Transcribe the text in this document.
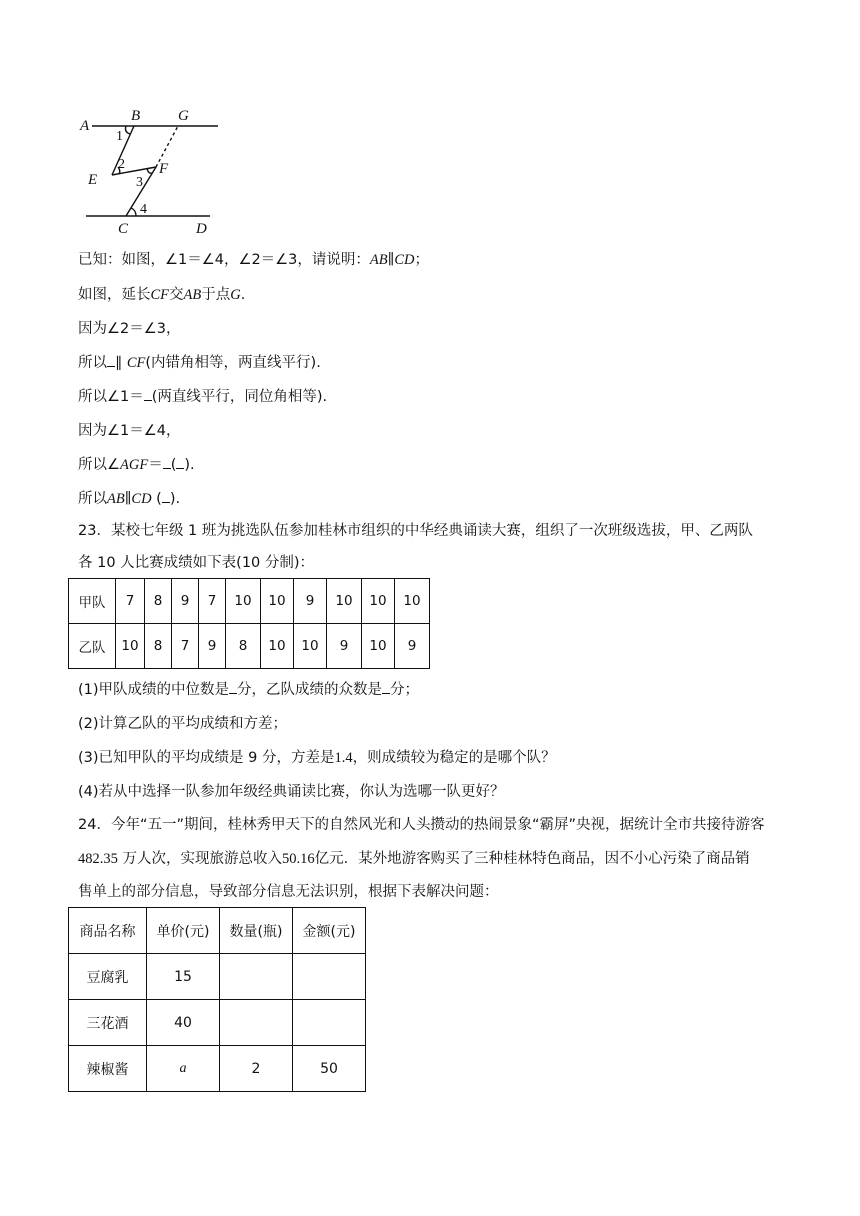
A
B	G
E
F
C	D
1
2
3
4
已知：如图，∠1＝∠4，∠2＝∠3，请说明：AB∥CD；
如图，延长CF交AB于点G.
因为∠2＝∠3，
所以 ∥ CF(内错角相等，两直线平行).
所以∠1＝ (两直线平行，同位角相等).
因为∠1＝∠4，
所以∠AGF＝ ( ).
所以AB∥CD ( ).
23．某校七年级 1 班为挑选队伍参加桂林市组织的中华经典诵读大赛，组织了一次班级选拔，甲、乙两队
各 10 人比赛成绩如下表(10 分制)：
甲队	7	8	9	7	10	10	9	10	10	10
乙队	10	8	7	9	8	10	10	9	10	9
(1)甲队成绩的中位数是 分，乙队成绩的众数是 分；
(2)计算乙队的平均成绩和方差；
(3)已知甲队的平均成绩是 9 分，方差是1.4，则成绩较为稳定的是哪个队？
(4)若从中选择一队参加年级经典诵读比赛，你认为选哪一队更好？
24．今年“五一”期间，桂林秀甲天下的自然风光和人头攒动的热闹景象“霸屏”央视，据统计全市共接待游客
482.35 万人次，实现旅游总收入50.16亿元．某外地游客购买了三种桂林特色商品，因不小心污染了商品销
售单上的部分信息，导致部分信息无法识别，根据下表解决问题：
商品名称	单价(元)	数量(瓶)	金额(元)
豆腐乳	15		
三花酒	40		
辣椒酱	a	2	50
